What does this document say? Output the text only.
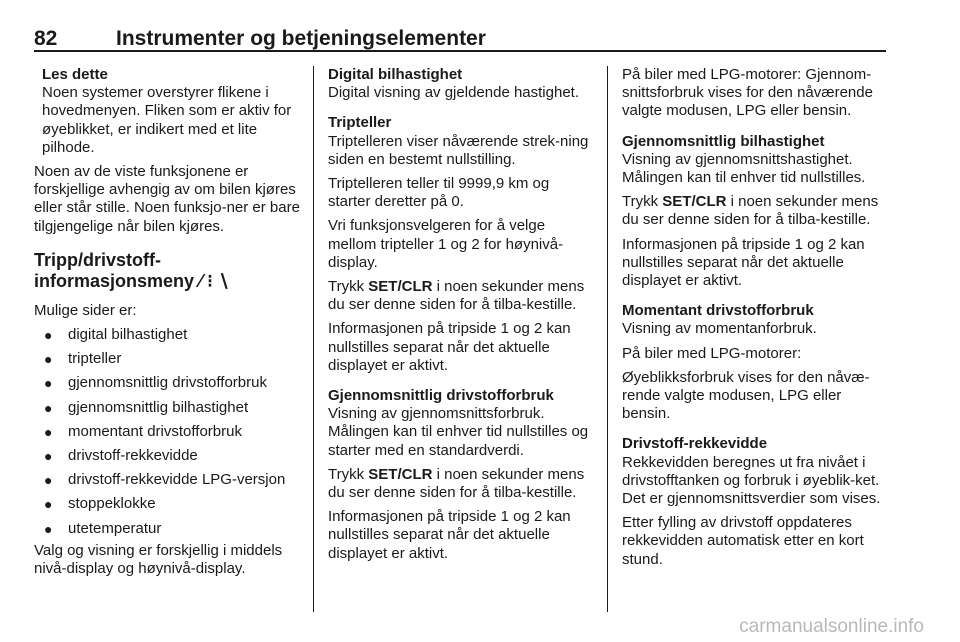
82	Instrumenter og betjeningselementer
Les dette
Noen systemer overstyrer flikene i hovedmenyen. Fliken som er aktiv for øyeblikket, er indikert med et lite pilhode.

Noen av de viste funksjonene er forskjellige avhengig av om bilen kjøres eller står stille. Noen funksjo-ner er bare tilgjengelige når bilen kjøres.

Tripp/drivstoff-
informasjonsmeny ⁄ ⁝ ∖

Mulige sider er:

● digital bilhastighet
● tripteller
● gjennomsnittlig drivstofforbruk
● gjennomsnittlig bilhastighet
● momentant drivstofforbruk
● drivstoff-rekkevidde
● drivstoff-rekkevidde LPG-versjon
● stoppeklokke
● utetemperatur

Valg og visning er forskjellig i middels nivå-display og høynivå-display.

Digital bilhastighet
Digital visning av gjeldende hastighet.
Tripteller
Triptelleren viser nåværende strek-ning siden en bestemt nullstilling.

Triptelleren teller til 9999,9 km og starter deretter på 0.

Vri funksjonsvelgeren for å velge mellom tripteller 1 og 2 for høynivå-display.

Trykk SET/CLR i noen sekunder mens du ser denne siden for å tilba-kestille.

Informasjonen på tripside 1 og 2 kan nullstilles separat når det aktuelle displayet er aktivt.

Gjennomsnittlig drivstofforbruk
Visning av gjennomsnittsforbruk. Målingen kan til enhver tid nullstilles og starter med en standardverdi.

Trykk SET/CLR i noen sekunder mens du ser denne siden for å tilba-kestille.

Informasjonen på tripside 1 og 2 kan nullstilles separat når det aktuelle displayet er aktivt.

På biler med LPG-motorer: Gjennom-snittsforbruk vises for den nåværende valgte modusen, LPG eller bensin.

Gjennomsnittlig bilhastighet
Visning av gjennomsnittshastighet. Målingen kan til enhver tid nullstilles.

Trykk SET/CLR i noen sekunder mens du ser denne siden for å tilba-kestille.

Informasjonen på tripside 1 og 2 kan nullstilles separat når det aktuelle displayet er aktivt.

Momentant drivstofforbruk
Visning av momentanforbruk.

På biler med LPG-motorer:

Øyeblikksforbruk vises for den nåvæ-rende valgte modusen, LPG eller bensin.

Drivstoff-rekkevidde
Rekkevidden beregnes ut fra nivået i drivstofftanken og forbruk i øyeblik-ket. Det er gjennomsnittsverdier som vises.

Etter fylling av drivstoff oppdateres rekkevidden automatisk etter en kort stund.

carmanualsonline.info
